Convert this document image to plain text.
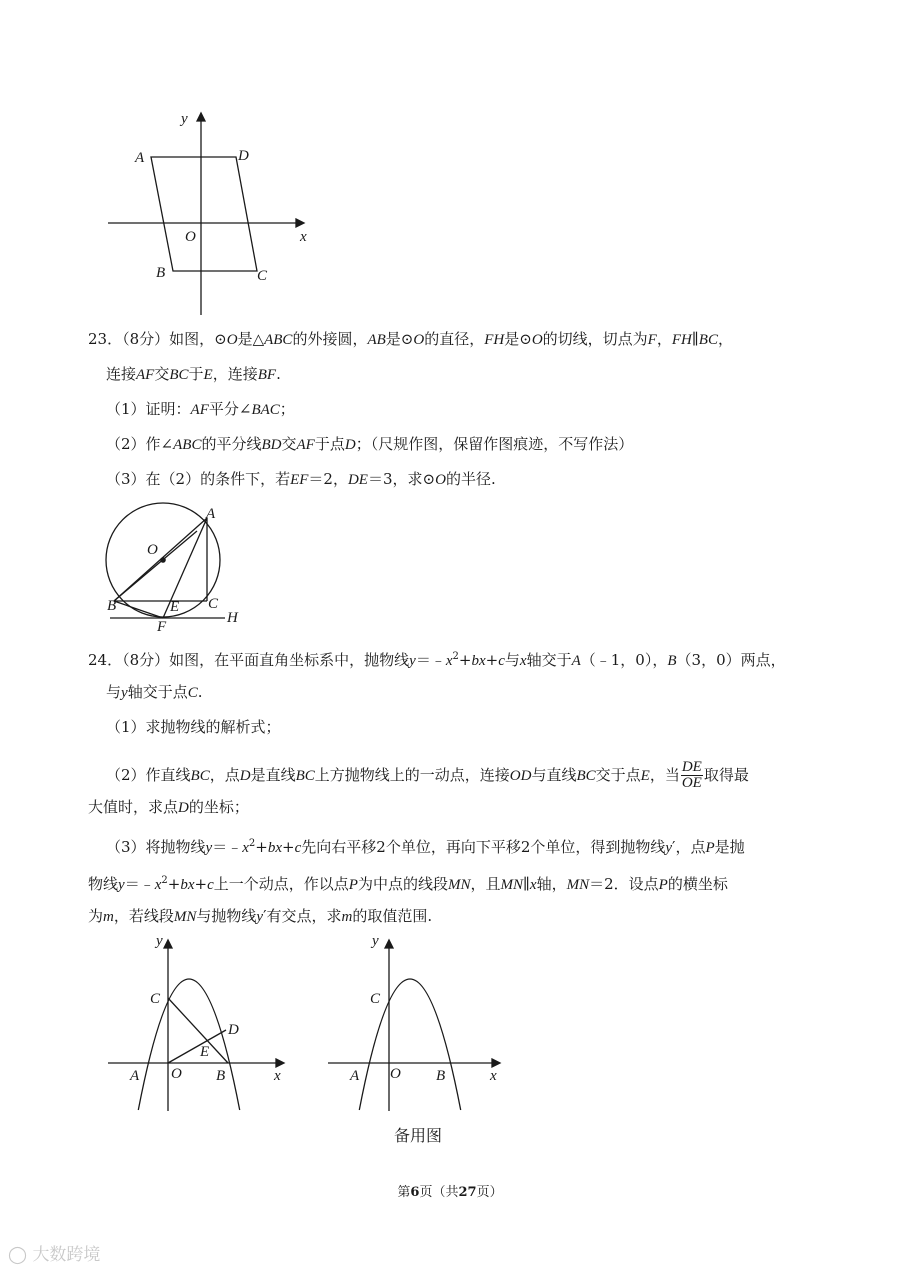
y
x
O
A	D
B	C
23．（8分）如图，⊙O是△ABC的外接圆，AB是⊙O的直径，FH是⊙O的切线，切点为F，FH∥BC，
连接AF交BC于E，连接BF.
（1）证明：AF平分∠BAC；
（2）作∠ABC的平分线BD交AF于点D；（尺规作图，保留作图痕迹，不写作法）
（3）在（2）的条件下，若EF＝2，DE＝3，求⊙O的半径.
O
A
B	C
E
F
H
24．（8分）如图，在平面直角坐标系中，抛物线$y=﹣x^2+bx+c$与x轴交于A（﹣1，0），B（3，0）两点，
与y轴交于点C.
（1）求抛物线的解析式；
（2）作直线BC，点D是直线BC上方抛物线上的一动点，连接OD与直线BC交于点E，当 $\frac{DE}{OE}$ 取得最
大值时，求点D的坐标；
（3）将抛物线$y=﹣x^2+bx+c$先向右平移2个单位，再向下平移2个单位，得到抛物线y′，点P是抛
物线$y=﹣x^2+bx+c$上一个动点，作以点P为中点的线段MN，且MN∥x轴，MN＝2．设点P的横坐标
为m，若线段MN与抛物线y′有交点，求m的取值范围.
y
x
O
A	B
C
D
E
y
x
O
A	B
C
备用图
第6页（共27页）
◯ 大数跨境
